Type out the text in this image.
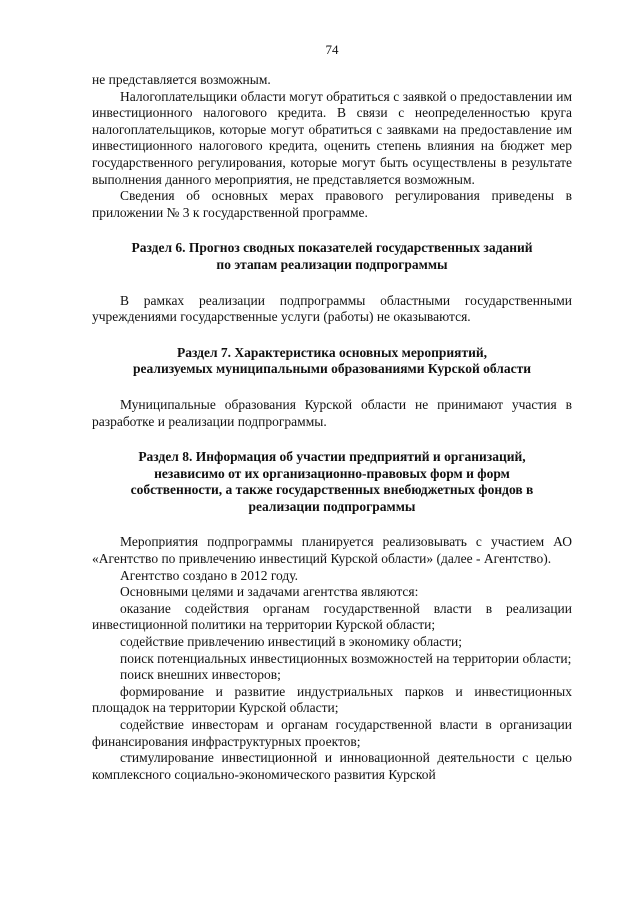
74

не представляется возможным.

Налогоплательщики области могут обратиться с заявкой о предоставлении им инвестиционного налогового кредита. В связи с неопределенностью круга налогоплательщиков, которые могут обратиться с заявками на предоставление им инвестиционного налогового кредита, оценить степень влияния на бюджет мер государственного регулирования, которые могут быть осуществлены в результате выполнения данного мероприятия, не представляется возможным.

Сведения об основных мерах правового регулирования приведены в приложении № 3 к государственной программе.

Раздел 6. Прогноз сводных показателей государственных заданий
по этапам реализации подпрограммы

В рамках реализации подпрограммы областными государственными учреждениями государственные услуги (работы) не оказываются.

Раздел 7. Характеристика основных мероприятий,
реализуемых муниципальными образованиями Курской области

Муниципальные образования Курской области не принимают участия в разработке и реализации подпрограммы.

Раздел 8. Информация об участии предприятий и организаций,
независимо от их организационно-правовых форм и форм
собственности, а также государственных внебюджетных фондов в
реализации подпрограммы

Мероприятия подпрограммы планируется реализовывать с участием АО «Агентство по привлечению инвестиций Курской области» (далее - Агентство).

Агентство создано в 2012 году.

Основными целями и задачами агентства являются:

оказание содействия органам государственной власти в реализации инвестиционной политики на территории Курской области;

содействие привлечению инвестиций в экономику области;

поиск потенциальных инвестиционных возможностей на территории области;

поиск внешних инвесторов;

формирование и развитие индустриальных парков и инвестиционных площадок на территории Курской области;

содействие инвесторам и органам государственной власти в организации финансирования инфраструктурных проектов;

стимулирование инвестиционной и инновационной деятельности с целью комплексного социально-экономического развития Курской
